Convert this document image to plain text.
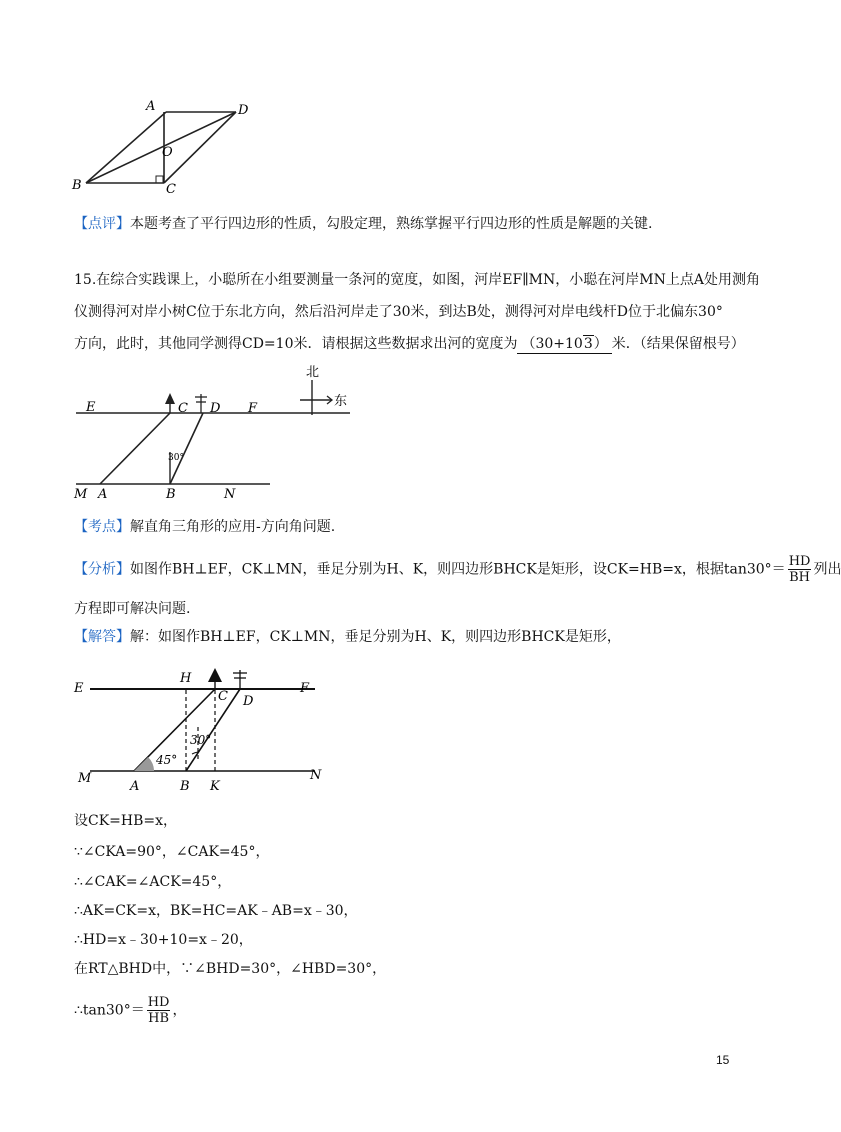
A	D
O
B	C
【点评】本题考查了平行四边形的性质，勾股定理，熟练掌握平行四边形的性质是解题的关键.
15.在综合实践课上，小聪所在小组要测量一条河的宽度，如图，河岸EF∥MN，小聪在河岸MN上点A处用测角
仪测得河对岸小树C位于东北方向，然后沿河岸走了30米，到达B处，测得河对岸电线杆D位于北偏东30°
方向，此时，其他同学测得CD=10米．请根据这些数据求出河的宽度为 （30+103） 米．（结果保留根号）
E	C D F
北
东
30°
M A	B	N
【考点】解直角三角形的应用-方向角问题.
【分析】如图作BH⊥EF，CK⊥MN，垂足分别为H、K，则四边形BHCK是矩形，设CK=HB=x，根据$\tan 30^\circ= \frac{HD}{BH}$ 列出
方程即可解决问题.
【解答】解：如图作BH⊥EF，CK⊥MN，垂足分别为H、K，则四边形BHCK是矩形，
E
H
C D
F
30°
45°
M	N
A	B K
设CK=HB=x，
∵∠CKA=90°，∠CAK=45°，
∴∠CAK=∠ACK=45°，
∴AK=CK=x，BK=HC=AK﹣AB=x﹣30，
∴HD=x﹣30+10=x﹣20，
在RT△BHD中，∵∠BHD=30°，∠HBD=30°，
∴tan30°＝ $\frac{HD}{HB}$ ，
15
